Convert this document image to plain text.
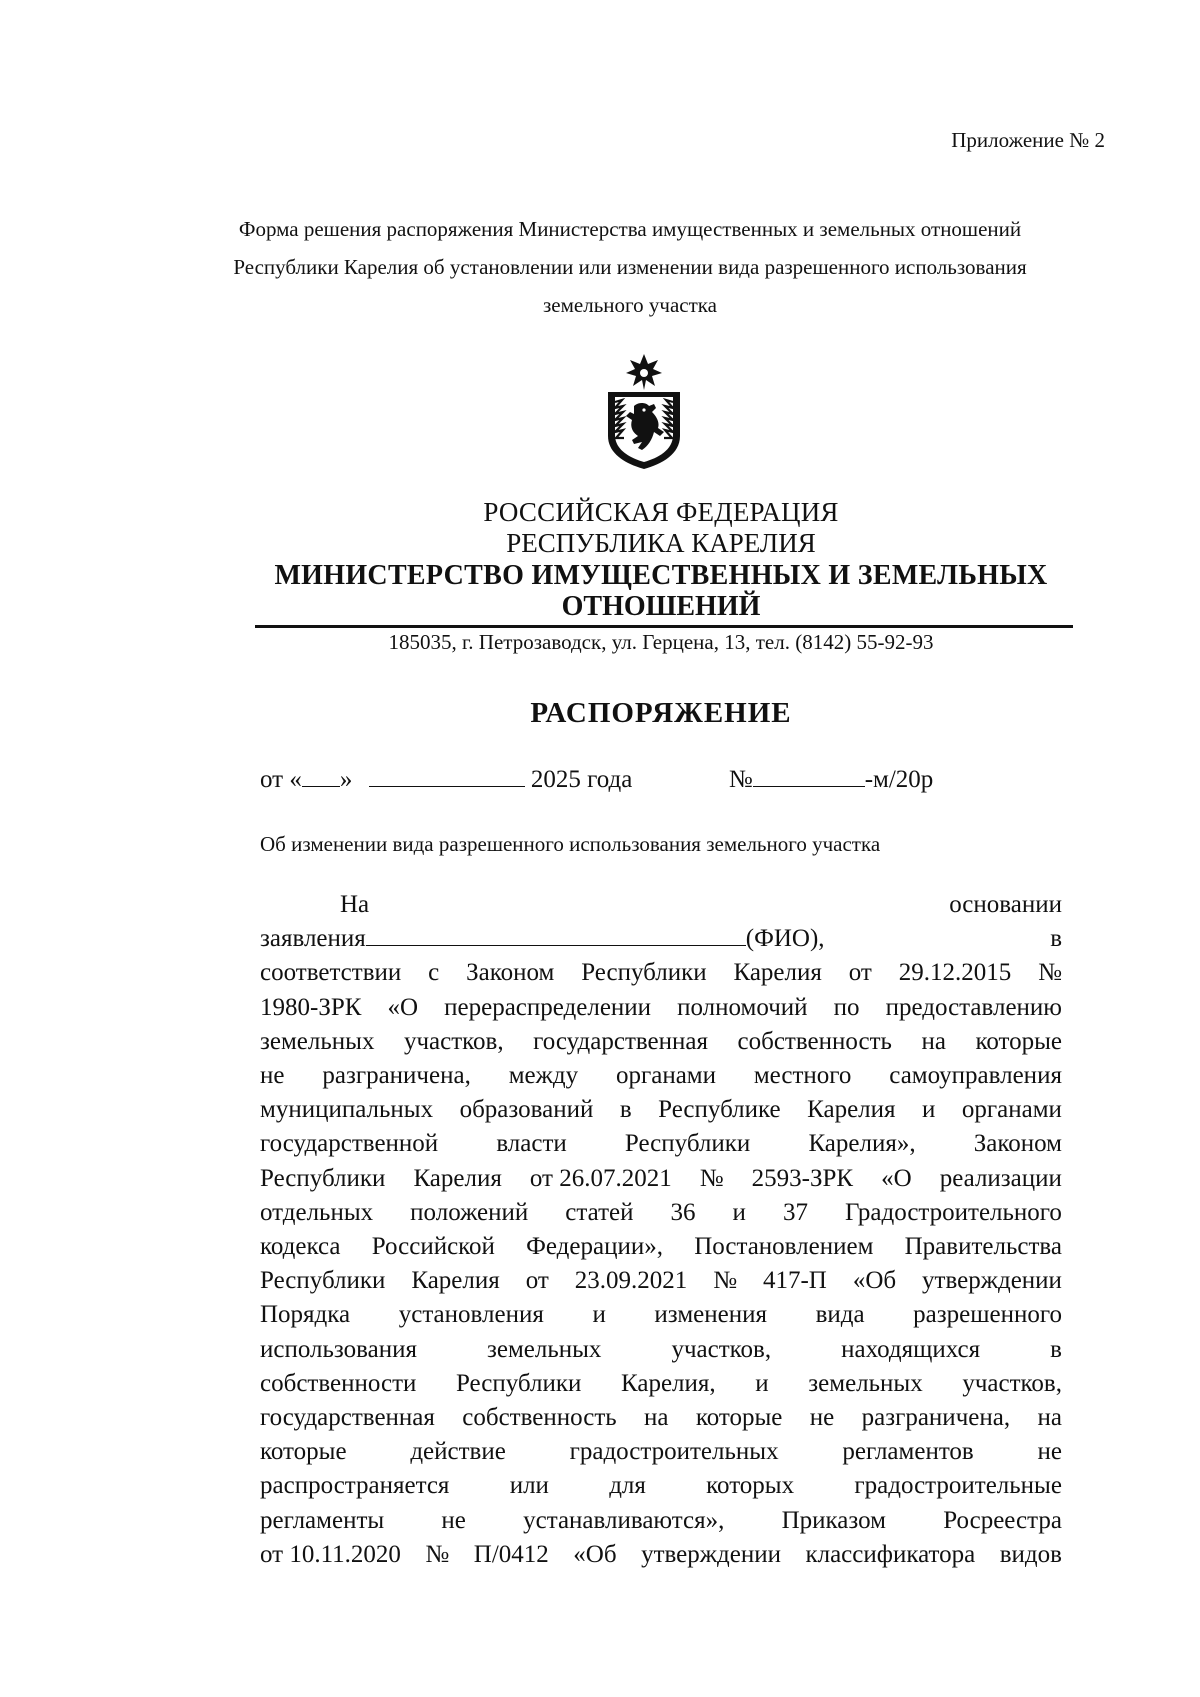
Приложение № 2
Форма решения распоряжения Министерства имущественных и земельных отношений
Республики Карелия об установлении или изменении вида разрешенного использования
земельного участка
РОССИЙСКАЯ ФЕДЕРАЦИЯ
РЕСПУБЛИКА КАРЕЛИЯ
МИНИСТЕРСТВО ИМУЩЕСТВЕННЫХ И ЗЕМЕЛЬНЫХ
ОТНОШЕНИЙ
185035, г. Петрозаводск, ул. Герцена, 13, тел. (8142) 55-92-93
РАСПОРЯЖЕНИЕ
от « »	2025 года	№	-м/20р
Об изменении вида разрешенного использования земельного участка
На	основании
заявления	(ФИО),	в
соответствии с Законом Республики Карелия от 29.12.2015 №
1980-ЗРК «О перераспределении полномочий по предоставлению
земельных участков, государственная собственность на которые
не разграничена, между органами местного самоуправления
муниципальных образований в Республике Карелия и органами
государственной власти Республики Карелия», Законом
Республики Карелия от 26.07.2021 № 2593-ЗРК «О реализации
отдельных положений статей 36 и 37 Градостроительного
кодекса Российской Федерации», Постановлением Правительства
Республики Карелия от 23.09.2021 № 417-П «Об утверждении
Порядка установления и изменения вида разрешенного
использования	земельных	участков,	находящихся	в
собственности Республики Карелия, и земельных участков,
государственная собственность на которые не разграничена, на
которые	действие	градостроительных	регламентов	не
распространяется или для которых градостроительные
регламенты не устанавливаются», Приказом Росреестра
от 10.11.2020 № П/0412 «Об утверждении классификатора видов
